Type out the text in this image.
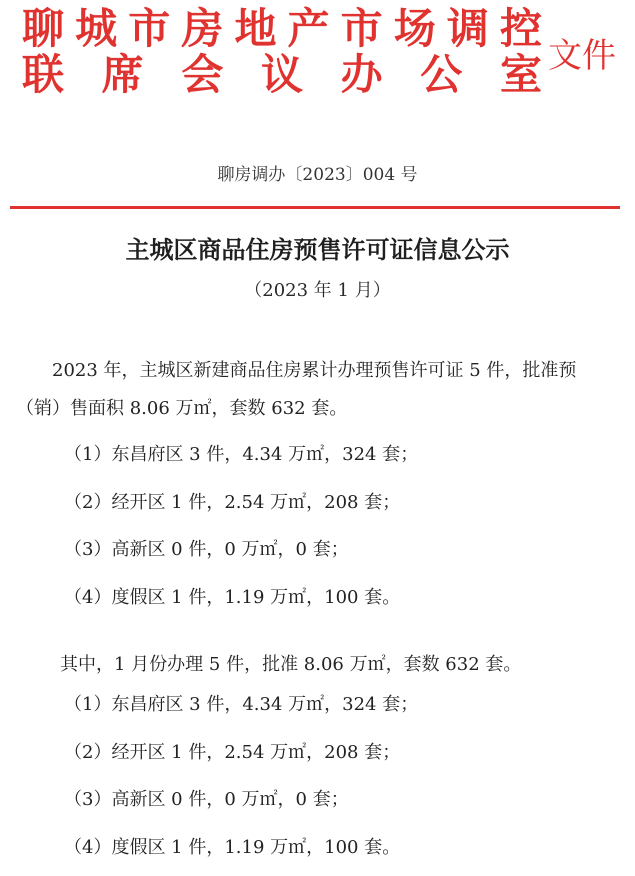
聊 城 市 房 地 产 市 场 调 控
联 席 会 议 办 公 室 文件
聊房调办〔2023〕004 号
主城区商品住房预售许可证信息公示
（2023 年 1 月）
2023 年，主城区新建商品住房累计办理预售许可证 5 件，批准预（销）售面积 8.06 万㎡，套数 632 套。
（1）东昌府区 3 件，4.34 万㎡，324 套；
（2）经开区 1 件，2.54 万㎡，208 套；
（3）高新区 0 件，0 万㎡，0 套；
（4）度假区 1 件，1.19 万㎡，100 套。
其中，1 月份办理 5 件，批准 8.06 万㎡，套数 632 套。
（1）东昌府区 3 件，4.34 万㎡，324 套；
（2）经开区 1 件，2.54 万㎡，208 套；
（3）高新区 0 件，0 万㎡，0 套；
（4）度假区 1 件，1.19 万㎡，100 套。
